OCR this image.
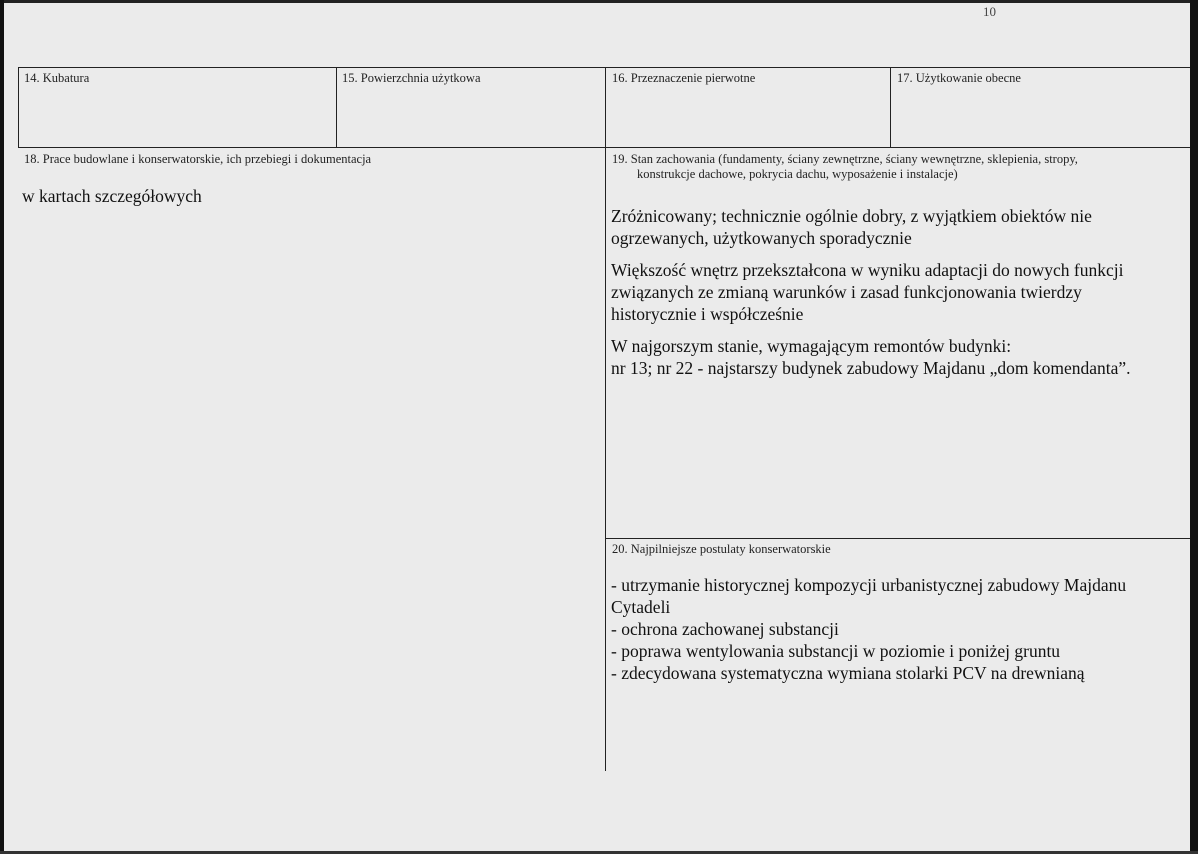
10
14. Kubatura	15. Powierzchnia użytkowa	16. Przeznaczenie pierwotne	17. Użytkowanie obecne
18. Prace budowlane i konserwatorskie, ich przebiegi i dokumentacja
w kartach szczegółowych
19. Stan zachowania (fundamenty, ściany zewnętrzne, ściany wewnętrzne, sklepienia, stropy,
konstrukcje dachowe, pokrycia dachu, wyposażenie i instalacje)

Zróżnicowany; technicznie ogólnie dobry, z wyjątkiem obiektów nie ogrzewanych, użytkowanych sporadycznie

Większość wnętrz przekształcona w wyniku adaptacji do nowych funkcji związanych ze zmianą warunków i zasad funkcjonowania twierdzy historycznie i współcześnie

W najgorszym stanie, wymagającym remontów budynki:
nr 13; nr 22 - najstarszy budynek zabudowy Majdanu „dom komendanta”.

20. Najpilniejsze postulaty konserwatorskie
- utrzymanie historycznej kompozycji urbanistycznej zabudowy Majdanu Cytadeli
- ochrona zachowanej substancji
- poprawa wentylowania substancji w poziomie i poniżej gruntu
- zdecydowana systematyczna wymiana stolarki PCV na drewnianą
